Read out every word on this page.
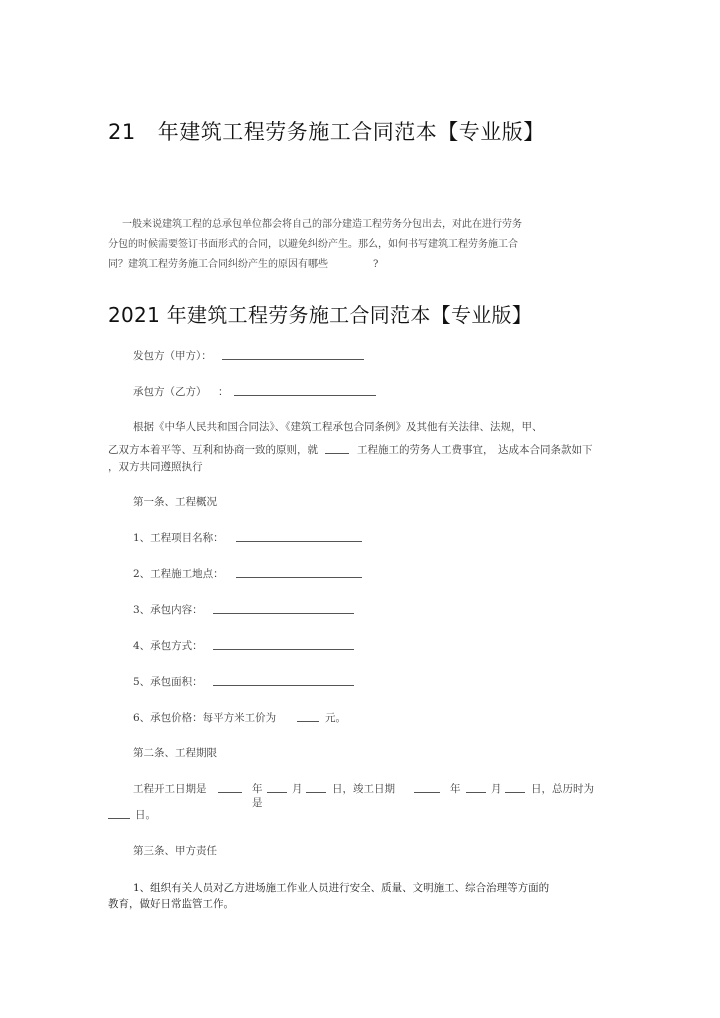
21 年建筑工程劳务施工合同范本【专业版】
一般来说建筑工程的总承包单位都会将自己的部分建造工程劳务分包出去，对此在进行劳务
分包的时候需要签订书面形式的合同，以避免纠纷产生。那么，如何书写建筑工程劳务施工合
同？建筑工程劳务施工合同纠纷产生的原因有哪些	?
2021 年建筑工程劳务施工合同范本【专业版】
发包方（甲方）：
承包方（乙方） ：
根据《中华人民共和国合同法》、《建筑工程承包合同条例》及其他有关法律、法规，甲、
乙双方本着平等、互利和协商一致的原则，就	工程施工的劳务人工费事宜， 达成本合同条款如下
，双方共同遵照执行
第一条、工程概况
1、工程项目名称：
2、工程施工地点：
3、承包内容：
4、承包方式：
5、承包面积：
6、承包价格：每平方米工价为	元。
第二条、工程期限
工程开工日期是	年
是
月	日，竣工日期	年	月	日，总历时为
日。
第三条、甲方责任
1、组织有关人员对乙方进场施工作业人员进行安全、质量、文明施工、综合治理等方面的
教育，做好日常监管工作。
